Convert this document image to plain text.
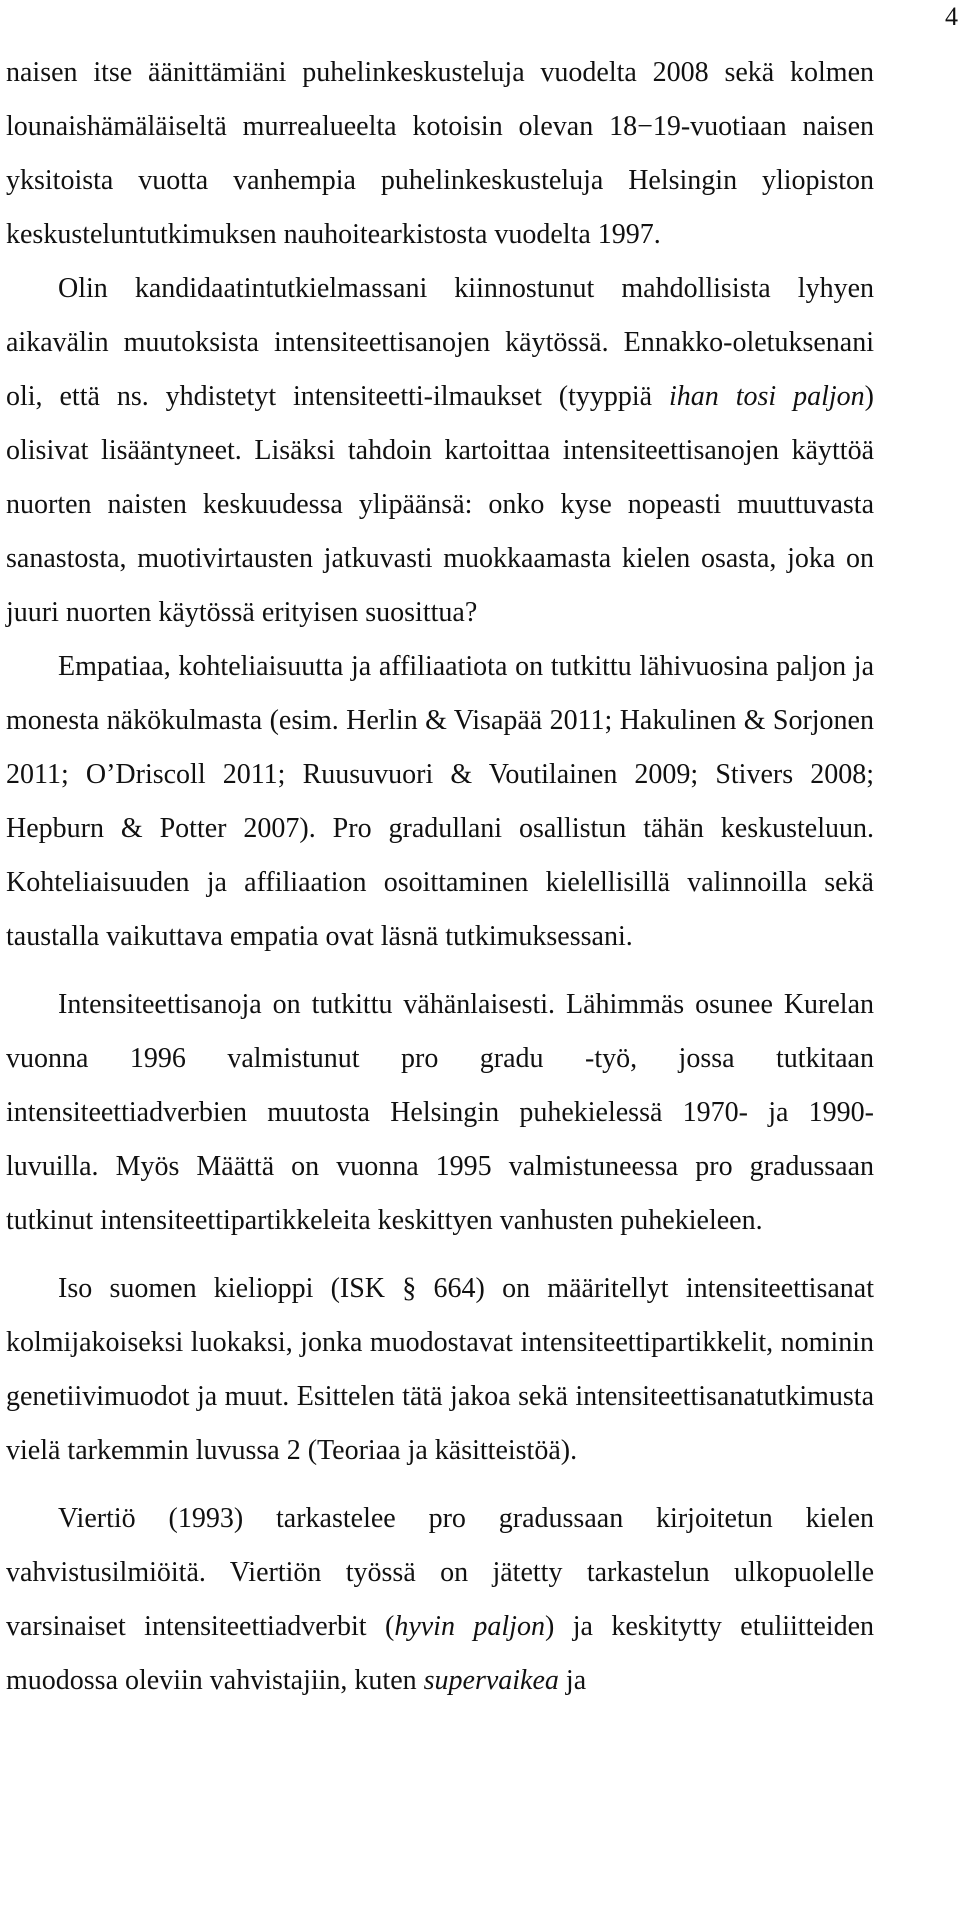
4

naisen itse äänittämiäni puhelinkeskusteluja vuodelta 2008 sekä kolmen lounaishämäläiseltä murrealueelta kotoisin olevan 18−19-vuotiaan naisen yksitoista vuotta vanhempia puhelinkeskusteluja Helsingin yliopiston keskusteluntutkimuksen nauhoitearkistosta vuodelta 1997.

Olin kandidaatintutkielmassani kiinnostunut mahdollisista lyhyen aikavälin muutoksista intensiteettisanojen käytössä. Ennakko-oletuksenani oli, että ns. yhdistetyt intensiteetti-ilmaukset (tyyppiä ihan tosi paljon) olisivat lisääntyneet. Lisäksi tahdoin kartoittaa intensiteettisanojen käyttöä nuorten naisten keskuudessa ylipäänsä: onko kyse nopeasti muuttuvasta sanastosta, muotivirtausten jatkuvasti muokkaamasta kielen osasta, joka on juuri nuorten käytössä erityisen suosittua?

Empatiaa, kohteliaisuutta ja affiliaatiota on tutkittu lähivuosina paljon ja monesta näkökulmasta (esim. Herlin & Visapää 2011; Hakulinen & Sorjonen 2011; O’Driscoll 2011; Ruusuvuori & Voutilainen 2009; Stivers 2008; Hepburn & Potter 2007). Pro gradullani osallistun tähän keskusteluun. Kohteliaisuuden ja affiliaation osoittaminen kielellisillä valinnoilla sekä taustalla vaikuttava empatia ovat läsnä tutkimuksessani.

Intensiteettisanoja on tutkittu vähänlaisesti. Lähimmäs osunee Kurelan vuonna 1996 valmistunut pro gradu -työ, jossa tutkitaan intensiteettiadverbien muutosta Helsingin puhekielessä 1970- ja 1990-luvuilla. Myös Määttä on vuonna 1995 valmistuneessa pro gradussaan tutkinut intensiteettipartikkeleita keskittyen vanhusten puhekieleen.

Iso suomen kielioppi (ISK § 664) on määritellyt intensiteettisanat kolmijakoiseksi luokaksi, jonka muodostavat intensiteettipartikkelit, nominin genetiivimuodot ja muut. Esittelen tätä jakoa sekä intensiteettisanatutkimusta vielä tarkemmin luvussa 2 (Teoriaa ja käsitteistöä).

Viertiö (1993) tarkastelee pro gradussaan kirjoitetun kielen vahvistusilmiöitä. Viertiön työssä on jätetty tarkastelun ulkopuolelle varsinaiset intensiteettiadverbit (hyvin paljon) ja keskitytty etuliitteiden muodossa oleviin vahvistajiin, kuten supervaikea ja
